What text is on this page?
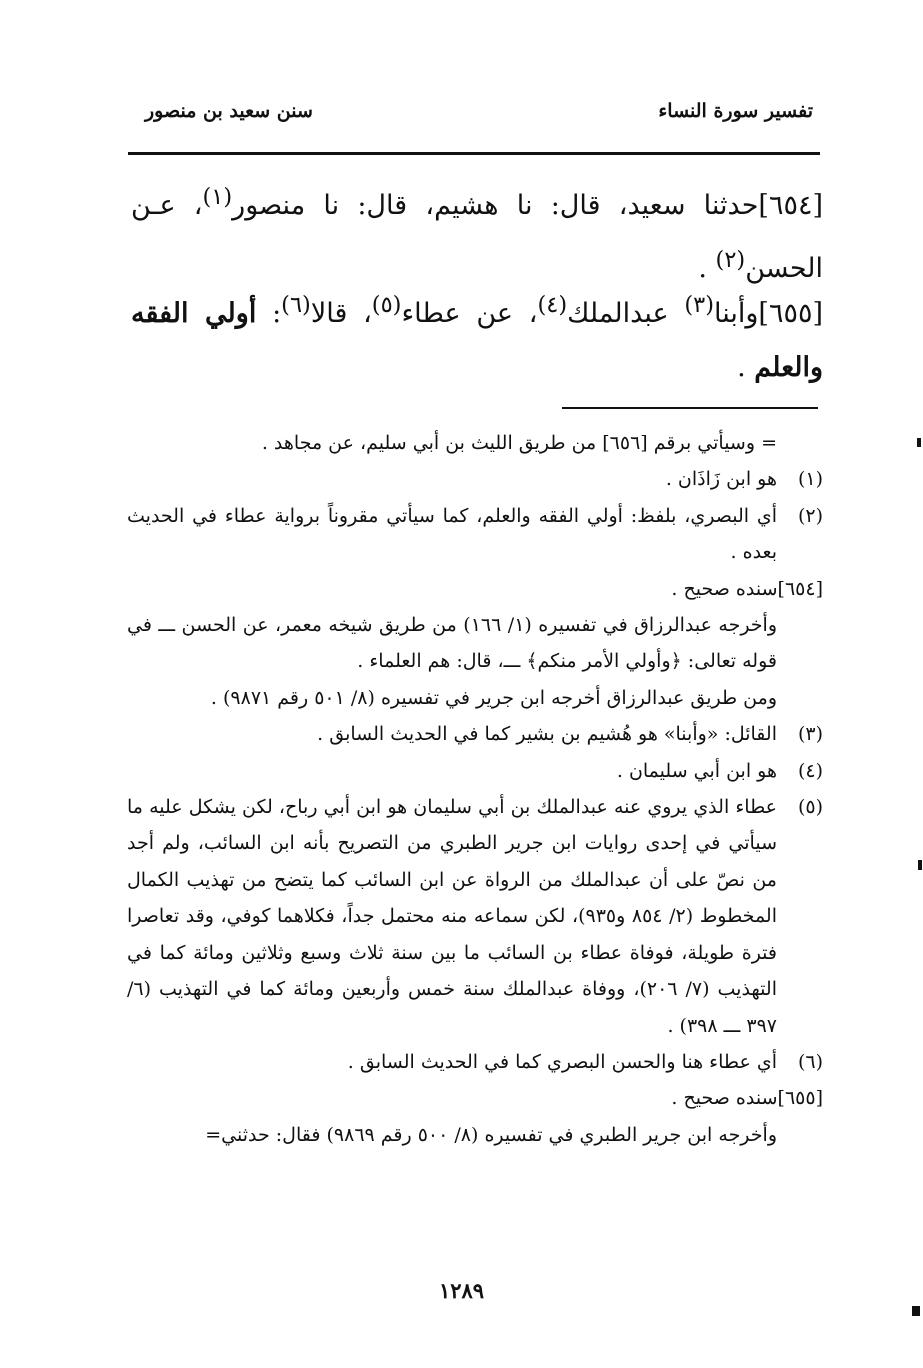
تفسير سورة النساء
سنن سعيد بن منصور
[٦٥٤]حدثنا سعيد، قال: نا هشيم، قال: نا منصور$^{(١)}$، عـن الحسن$^{(٢)}$ .
[٦٥٥]وأبنا$^{(٣)}$ عبدالملك$^{(٤)}$، عن عطاء$^{(٥)}$، قالا$^{(٦)}$: أولي الفقه والعلم .

= وسيأتي برقم [٦٥٦] من طريق الليث بن أبي سليم، عن مجاهد .

(١)هو ابن زَاذَان .

(٢)أي البصري، بلفظ: أولي الفقه والعلم، كما سيأتي مقروناً برواية عطاء في الحديث بعده .

[٦٥٤]سنده صحيح .

وأخرجه عبدالرزاق في تفسيره (١/ ١٦٦) من طريق شيخه معمر، عن الحسن ـــ في قوله تعالى: ﴿وأولي الأمر منكم﴾ ـــ، قال: هم العلماء .

ومن طريق عبدالرزاق أخرجه ابن جرير في تفسيره (٨/ ٥٠١ رقم ٩٨٧١) .

(٣)القائل: «وأبنا» هو هُشيم بن بشير كما في الحديث السابق .

(٤)هو ابن أبي سليمان .

(٥)عطاء الذي يروي عنه عبدالملك بن أبي سليمان هو ابن أبي رباح، لكن يشكل عليه ما سيأتي في إحدى روايات ابن جرير الطبري من التصريح بأنه ابن السائب، ولم أجد من نصّ على أن عبدالملك من الرواة عن ابن السائب كما يتضح من تهذيب الكمال المخطوط (٢/ ٨٥٤ و٩٣٥)، لكن سماعه منه محتمل جداً، فكلاهما كوفي، وقد تعاصرا فترة طويلة، فوفاة عطاء بن السائب ما بين سنة ثلاث وسبع وثلاثين ومائة كما في التهذيب (٧/ ٢٠٦)، ووفاة عبدالملك سنة خمس وأربعين ومائة كما في التهذيب (٦/ ٣٩٧ ـــ ٣٩٨) .

(٦)أي عطاء هنا والحسن البصري كما في الحديث السابق .

[٦٥٥]سنده صحيح .

وأخرجه ابن جرير الطبري في تفسيره (٨/ ٥٠٠ رقم ٩٨٦٩) فقال: حدثني=

١٢٨٩
